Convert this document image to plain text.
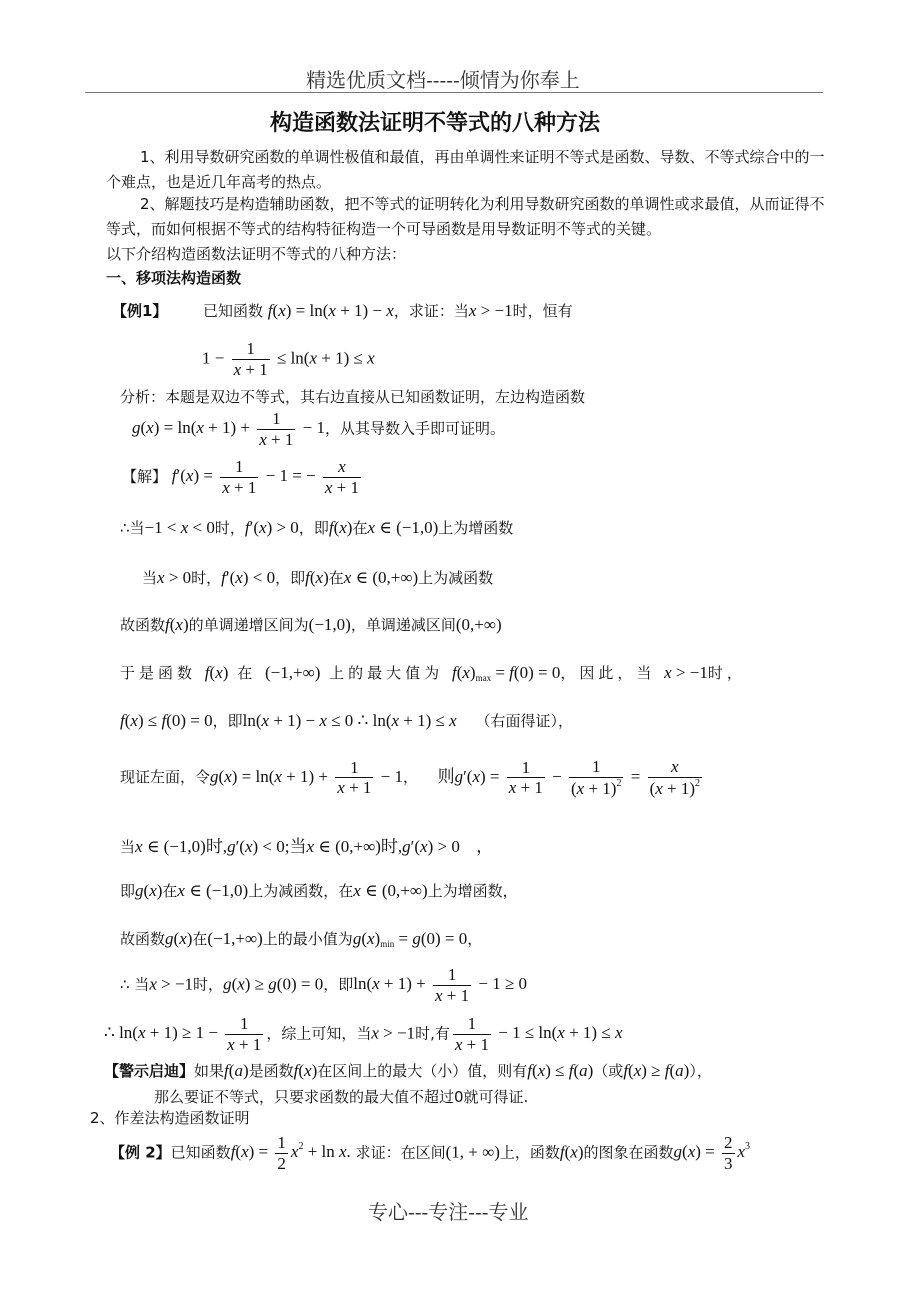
精选优质文档-----倾情为你奉上
构造函数法证明不等式的八种方法
1、利用导数研究函数的单调性极值和最值，再由单调性来证明不等式是函数、导数、不等式综合中的一个难点，也是近几年高考的热点。
2、解题技巧是构造辅助函数，把不等式的证明转化为利用导数研究函数的单调性或求最值，从而证得不等式，而如何根据不等式的结构特征构造一个可导函数是用导数证明不等式的关键。
以下介绍构造函数法证明不等式的八种方法：
一、移项法构造函数
【例1】 已知函数 f(x) = ln(x + 1) − x，求证：当x > −1时，恒有
$1 - \frac{1}{x + 1} \le \ln(x + 1) \le x$
分析：本题是双边不等式，其右边直接从已知函数证明，左边构造函数
$g(x) = \ln(x + 1) + \frac{1}{x + 1} - 1$，从其导数入手即可证明。
【解】 $f'(x) = \frac{1}{x + 1} - 1$ = − $\frac{x}{x + 1}$
∴当−1 < x < 0时，f′(x) > 0，即f(x)在x ∈ (−1,0)上为增函数
当x > 0时，f′(x) < 0，即f(x)在x ∈ (0,+∞)上为减函数
故函数f(x)的单调递增区间为(−1,0)，单调递减区间(0,+∞)
于是函数 f(x) 在 (−1,+∞) 上的最大值为 $f(x)_{max} = f(0) = 0$，因此，当 x > −1时，
f(x) ≤ f(0) = 0，即ln(x + 1) − x ≤ 0 ∴ ln(x + 1) ≤ x （右面得证），
现证左面，令$g(x) = \ln(x + 1) + \frac{1}{x + 1} - 1$， 则$g'(x) = \frac{1}{x + 1} - \frac{1}{(x + 1)^2} = \frac{x}{(x + 1)^2}$
当x ∈ (−1,0)时,g′(x) < 0;当x ∈ (0,+∞)时,g′(x) > 0 ，
即g(x)在x ∈ (−1,0)上为减函数，在x ∈ (0,+∞)上为增函数，
故函数g(x)在(−1,+∞)上的最小值为$g(x)_{min} = g(0) = 0$，
∴ 当x > −1时，g(x) ≥ g(0) = 0，即$\ln(x + 1) + \frac{1}{x + 1} - 1 \ge 0$
∴ $\ln(x + 1) \ge 1 - \frac{1}{x + 1}$ ，综上可知，当x > −1时,有 $\frac{1}{x + 1} - 1 \le \ln(x + 1) \le x$
【警示启迪】如果f(a)是函数f(x)在区间上的最大（小）值，则有f(x) ≤ f(a)（或f(x) ≥ f(a)），
那么要证不等式，只要求函数的最大值不超过0就可得证.
2、作差法构造函数证明
【例 2】已知函数$f(x) = \frac{1}{2} x^2 + \ln x$. 求证：在区间(1, + ∞)上，函数f(x)的图象在函数$g(x) = \frac{2}{3} x^3$
专心---专注---专业
